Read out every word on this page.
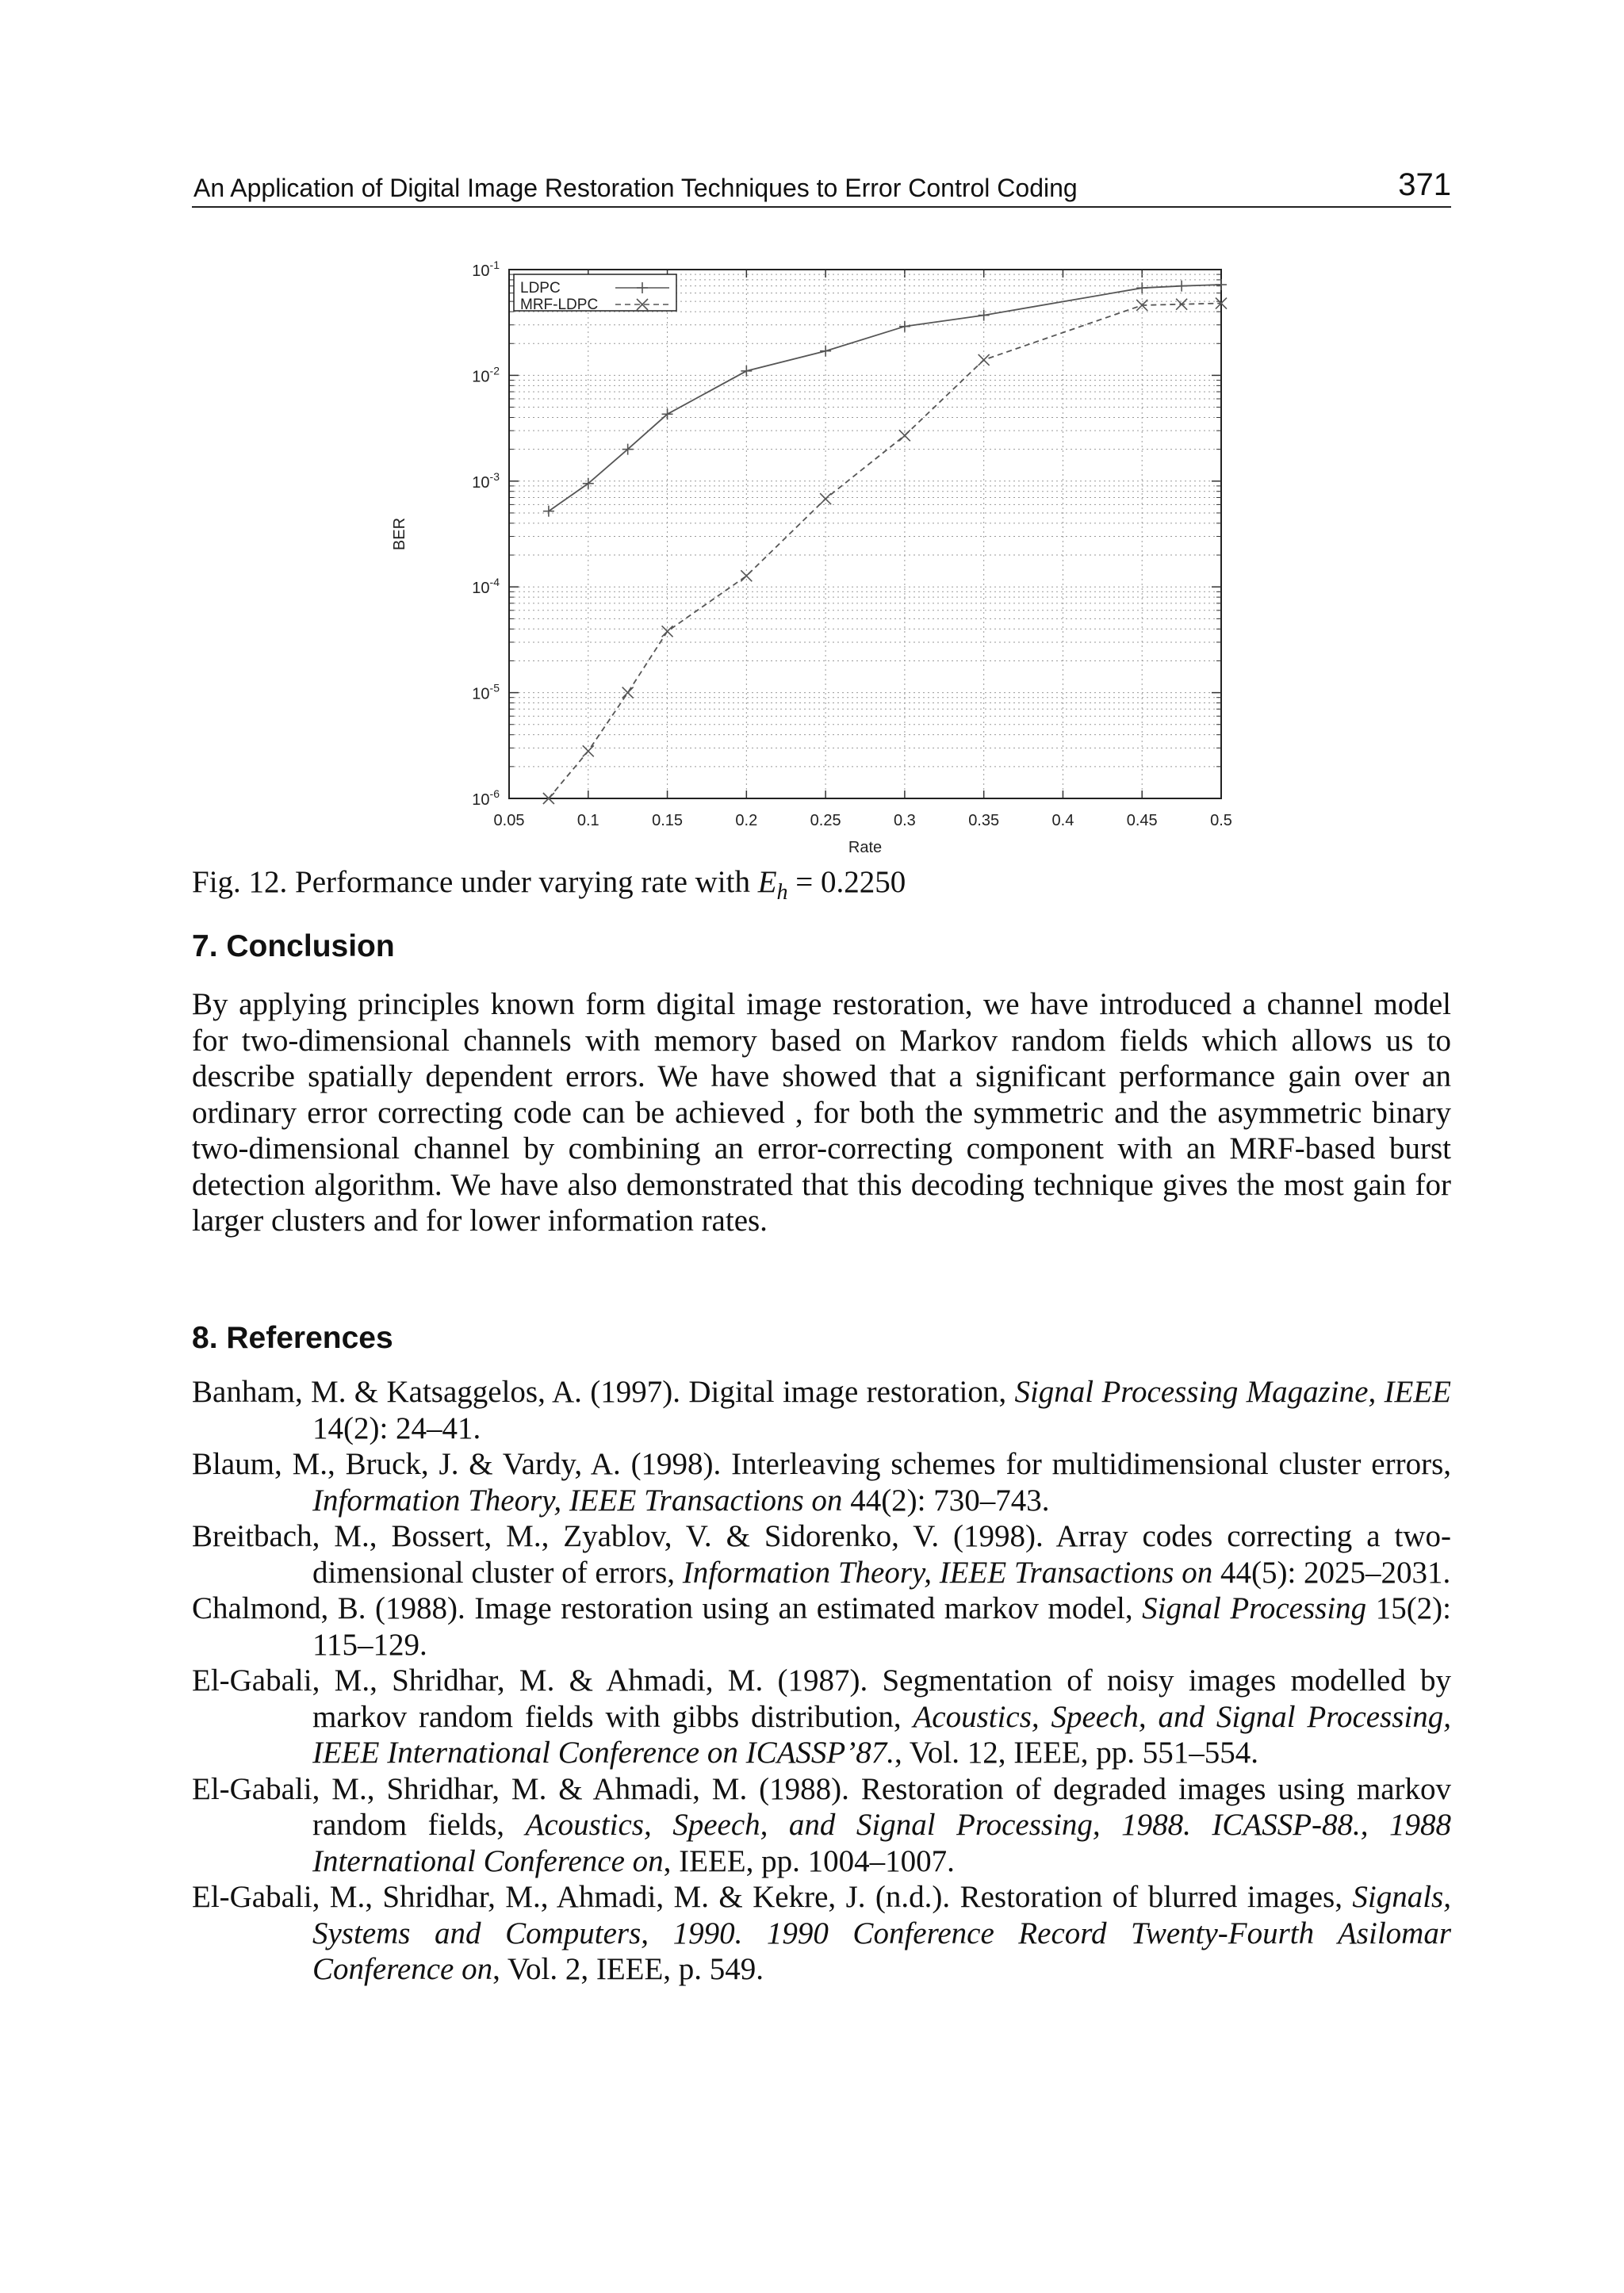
An Application of Digital Image Restoration Techniques to Error Control Coding	371
0.05	0.1	0.15	0.2	0.25	0.3	0.35	0.4	0.45	0.5
$10^{-1}$
$10^{-2}$
$10^{-3}$
$10^{-4}$
$10^{-5}$
$10^{-6}$
Rate
BER
LDPC
MRF-LDPC
Fig. 12. Performance under varying rate with $E_h = 0.2250$
7. Conclusion

By applying principles known form digital image restoration, we have introduced a channel model for two-dimensional channels with memory based on Markov random fields which allows us to describe spatially dependent errors. We have showed that a significant performance gain over an ordinary error correcting code can be achieved , for both the symmetric and the asymmetric binary two-dimensional channel by combining an error-correcting component with an MRF-based burst detection algorithm. We have also demonstrated that this decoding technique gives the most gain for larger clusters and for lower information rates.

8. References
Banham, M. & Katsaggelos, A. (1997). Digital image restoration, Signal Processing Magazine, IEEE 14(2): 24–41.
Blaum, M., Bruck, J. & Vardy, A. (1998). Interleaving schemes for multidimensional cluster errors, Information Theory, IEEE Transactions on 44(2): 730–743.
Breitbach, M., Bossert, M., Zyablov, V. & Sidorenko, V. (1998). Array codes correcting a two-dimensional cluster of errors, Information Theory, IEEE Transactions on 44(5): 2025–2031.
Chalmond, B. (1988). Image restoration using an estimated markov model, Signal Processing 15(2): 115–129.
El-Gabali, M., Shridhar, M. & Ahmadi, M. (1987). Segmentation of noisy images modelled by markov random fields with gibbs distribution, Acoustics, Speech, and Signal Processing, IEEE International Conference on ICASSP’87., Vol. 12, IEEE, pp. 551–554.
El-Gabali, M., Shridhar, M. & Ahmadi, M. (1988). Restoration of degraded images using markov random fields, Acoustics, Speech, and Signal Processing, 1988. ICASSP-88., 1988 International Conference on, IEEE, pp. 1004–1007.
El-Gabali, M., Shridhar, M., Ahmadi, M. & Kekre, J. (n.d.). Restoration of blurred images, Signals, Systems and Computers, 1990. 1990 Conference Record Twenty-Fourth Asilomar Conference on, Vol. 2, IEEE, p. 549.
